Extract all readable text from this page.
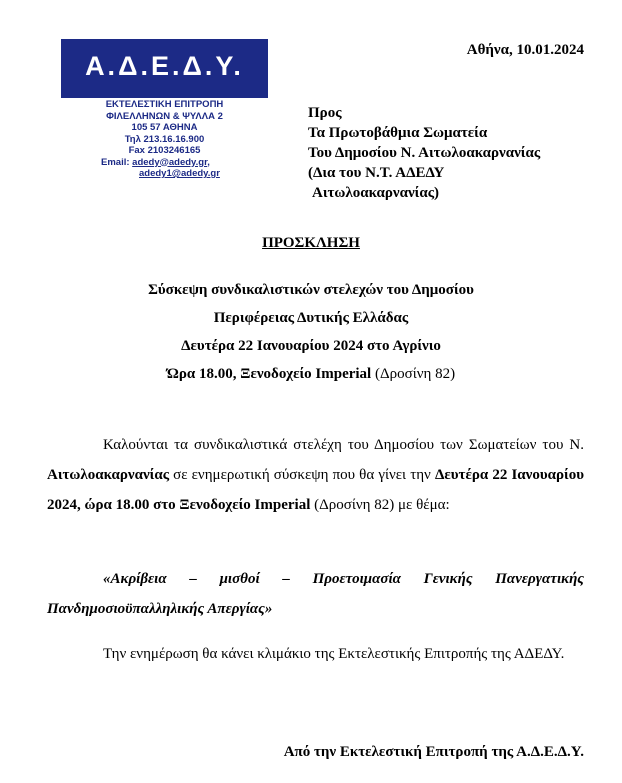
Α.Δ.Ε.Δ.Υ.
ΕΚΤΕΛΕΣΤΙΚΗ ΕΠΙΤΡΟΠΗ
ΦΙΛΕΛΛΗΝΩΝ & ΨΥΛΛΑ 2
105 57 ΑΘΗΝΑ
Τηλ 213.16.16.900
Fax 2103246165
Email: adedy@adedy.gr,
adedy1@adedy.gr
Αθήνα, 10.01.2024
Προς
Τα Πρωτοβάθμια Σωματεία
Του Δημοσίου Ν. Αιτωλοακαρνανίας
(Δια του Ν.Τ. ΑΔΕΔΥ
Αιτωλοακαρνανίας)
ΠΡΟΣΚΛΗΣΗ
Σύσκεψη συνδικαλιστικών στελεχών του Δημοσίου
Περιφέρειας Δυτικής Ελλάδας
Δευτέρα 22 Ιανουαρίου 2024 στο Αγρίνιο
Ώρα 18.00, Ξενοδοχείο Imperial (Δροσίνη 82)
Καλούνται τα συνδικαλιστικά στελέχη του Δημοσίου των Σωματείων του Ν. Αιτωλοακαρνανίας σε ενημερωτική σύσκεψη που θα γίνει την Δευτέρα 22 Ιανουαρίου 2024, ώρα 18.00 στο Ξενοδοχείο Imperial (Δροσίνη 82) με θέμα:
«Ακρίβεια – μισθοί – Προετοιμασία Γενικής Πανεργατικής Πανδημοσιοϋπαλληλικής Απεργίας»
Την ενημέρωση θα κάνει κλιμάκιο της Εκτελεστικής Επιτροπής της ΑΔΕΔΥ.
Από την Εκτελεστική Επιτροπή της Α.Δ.Ε.Δ.Υ.
